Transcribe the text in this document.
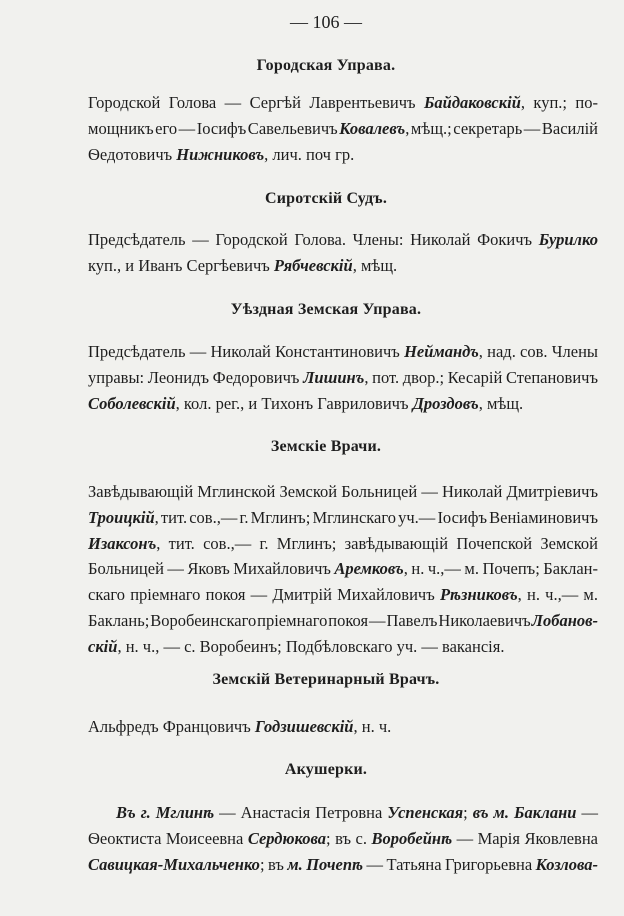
— 106 —
Городская Управа.
Городской Голова — Сергѣй Лаврентьевичъ Байдаковскій, куп.; по-
мощникъ его — Іосифъ Савельевичъ Ковалевъ, мѣщ.; секретарь — Василій
Ѳедотовичъ Нижниковъ, лич. поч гр.
Сиротскій Судъ.
Предсѣдатель — Городской Голова. Члены: Николай Фокичъ Бурилко
куп., и Иванъ Сергѣевичъ Рябчевскій, мѣщ.
Уѣздная Земская Управа.
Предсѣдатель — Николай Константиновичъ Неймандъ, над. сов. Члены
управы: Леонидъ Федоровичъ Лишинъ, пот. двор.; Кесарій Степановичъ
Соболевскій, кол. рег., и Тихонъ Гавриловичъ Дроздовъ, мѣщ.
Земскіе Врачи.
Завѣдывающій Мглинской Земской Больницей — Николай Дмитріевичъ
Троицкій, тит. сов.,— г. Мглинъ; Мглинскаго уч.— Іосифъ Веніаминовичъ
Изаксонъ, тит. сов.,— г. Мглинъ; завѣдывающій Почепской Земской
Больницей — Яковъ Михайловичъ Аремковъ, н. ч.,— м. Почепъ; Баклан-
скаго пріемнаго покоя — Дмитрій Михайловичъ Рѣзниковъ, н. ч.,— м.
Баклань; Воробеинскаго пріемнаго покоя — Павелъ Николаевичъ Лобанов-
скій, н. ч., — с. Воробеинъ; Подбѣловскаго уч. — вакансія.
Земскій Ветеринарный Врачъ.
Альфредъ Францовичъ Годзишевскій, н. ч.
Акушерки.
Въ г. Мглинѣ — Анастасія Петровна Успенская; въ м. Баклани —
Ѳеоктиста Моисеевна Сердюкова; въ с. Воробейнѣ — Марія Яковлевна
Савицкая-Михальченко; въ м. Почепѣ — Татьяна Григорьевна Козлова-
